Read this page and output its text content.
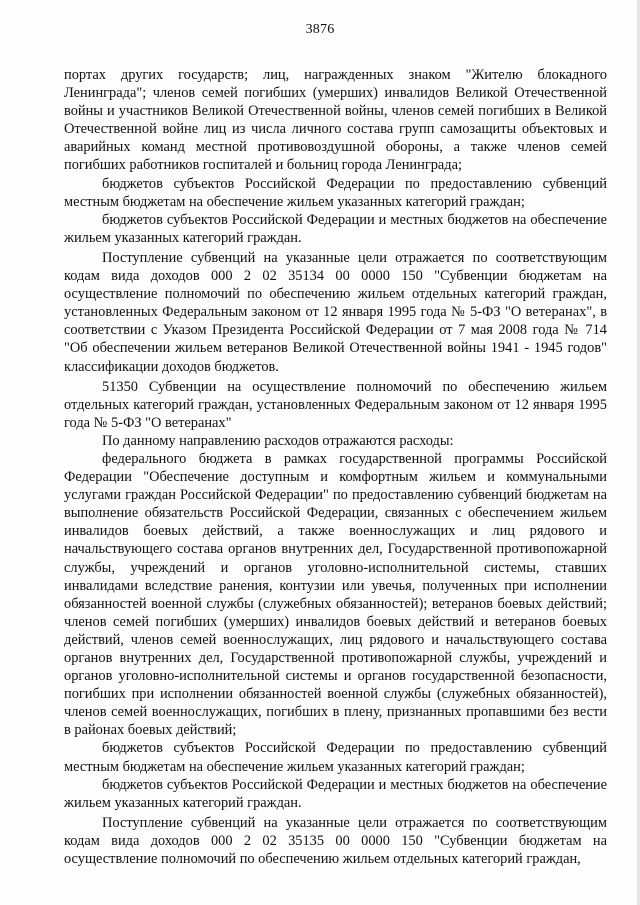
3876

портах других государств; лиц, награжденных знаком "Жителю блокадного Ленинграда"; членов семей погибших (умерших) инвалидов Великой Отечественной войны и участников Великой Отечественной войны, членов семей погибших в Великой Отечественной войне лиц из числа личного состава групп самозащиты объектовых и аварийных команд местной противовоздушной обороны, а также членов семей погибших работников госпиталей и больниц города Ленинграда;

бюджетов субъектов Российской Федерации по предоставлению субвенций местным бюджетам на обеспечение жильем указанных категорий граждан;

бюджетов субъектов Российской Федерации и местных бюджетов на обеспечение жильем указанных категорий граждан.

Поступление субвенций на указанные цели отражается по соответствующим кодам вида доходов 000 2 02 35134 00 0000 150 "Субвенции бюджетам на осуществление полномочий по обеспечению жильем отдельных категорий граждан, установленных Федеральным законом от 12 января 1995 года № 5-ФЗ "О ветеранах", в соответствии с Указом Президента Российской Федерации от 7 мая 2008 года № 714 "Об обеспечении жильем ветеранов Великой Отечественной войны 1941 - 1945 годов" классификации доходов бюджетов.

51350 Субвенции на осуществление полномочий по обеспечению жильем отдельных категорий граждан, установленных Федеральным законом от 12 января 1995 года № 5-ФЗ "О ветеранах"

По данному направлению расходов отражаются расходы:

федерального бюджета в рамках государственной программы Российской Федерации "Обеспечение доступным и комфортным жильем и коммунальными услугами граждан Российской Федерации" по предоставлению субвенций бюджетам на выполнение обязательств Российской Федерации, связанных с обеспечением жильем инвалидов боевых действий, а также военнослужащих и лиц рядового и начальствующего состава органов внутренних дел, Государственной противопожарной службы, учреждений и органов уголовно-исполнительной системы, ставших инвалидами вследствие ранения, контузии или увечья, полученных при исполнении обязанностей военной службы (служебных обязанностей); ветеранов боевых действий; членов семей погибших (умерших) инвалидов боевых действий и ветеранов боевых действий, членов семей военнослужащих, лиц рядового и начальствующего состава органов внутренних дел, Государственной противопожарной службы, учреждений и органов уголовно-исполнительной системы и органов государственной безопасности, погибших при исполнении обязанностей военной службы (служебных обязанностей), членов семей военнослужащих, погибших в плену, признанных пропавшими без вести в районах боевых действий;

бюджетов субъектов Российской Федерации по предоставлению субвенций местным бюджетам на обеспечение жильем указанных категорий граждан;

бюджетов субъектов Российской Федерации и местных бюджетов на обеспечение жильем указанных категорий граждан.

Поступление субвенций на указанные цели отражается по соответствующим кодам вида доходов 000 2 02 35135 00 0000 150 "Субвенции бюджетам на осуществление полномочий по обеспечению жильем отдельных категорий граждан,
